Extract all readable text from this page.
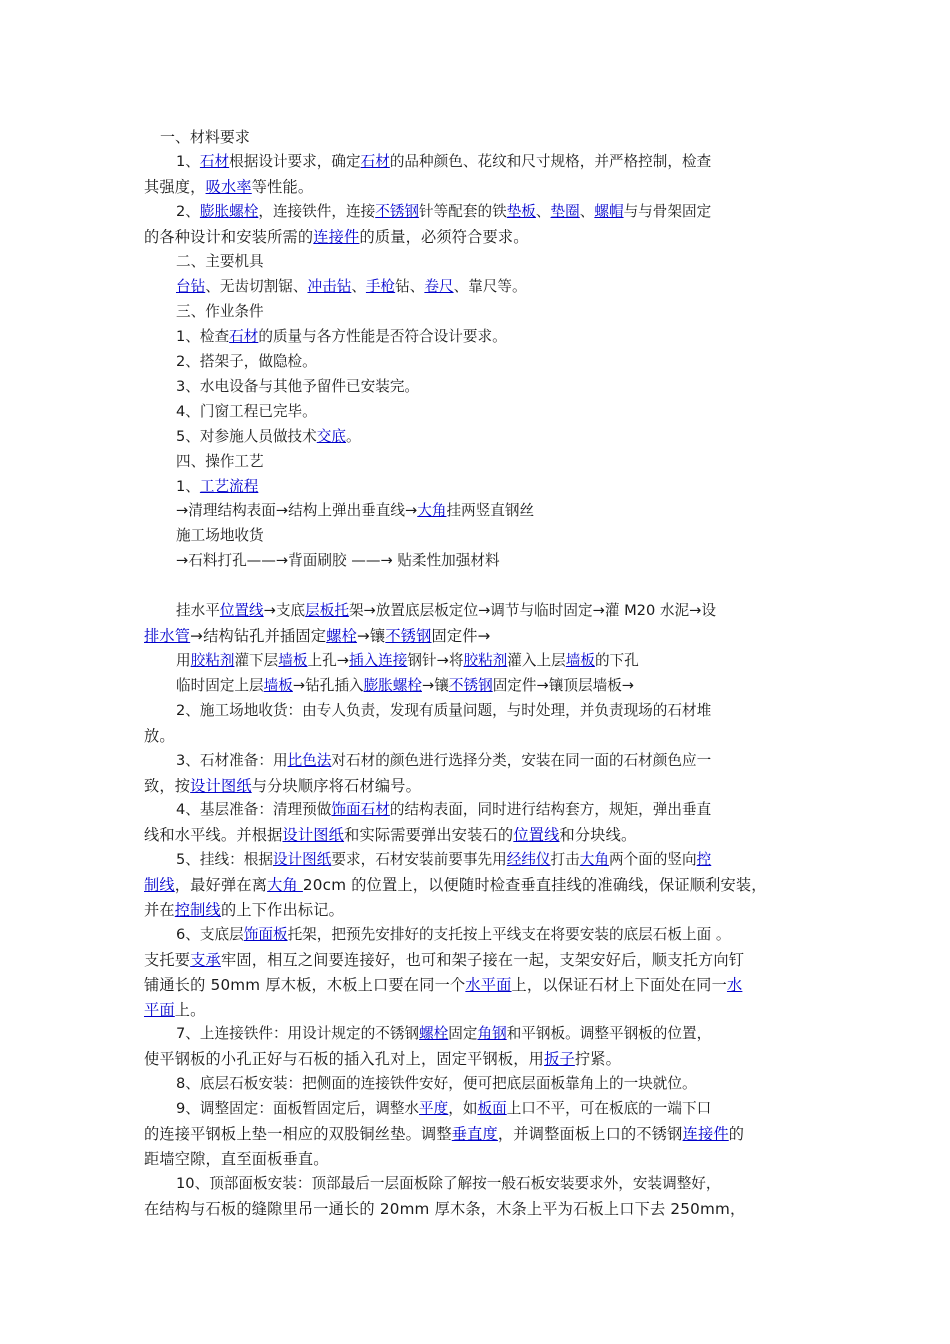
一、材料要求
1、石材根据设计要求，确定石材的品种颜色、花纹和尺寸规格，并严格控制，检查
其强度，吸水率等性能。
2、膨胀螺栓，连接铁件，连接不锈钢针等配套的铁垫板、垫圈、螺帽与与骨架固定
的各种设计和安装所需的连接件的质量，必须符合要求。
二、主要机具
台钻、无齿切割锯、冲击钻、手枪钻、卷尺、靠尺等。
三、作业条件
1、检查石材的质量与各方性能是否符合设计要求。
2、搭架子，做隐检。
3、水电设备与其他予留件已安装完。
4、门窗工程已完毕。
5、对参施人员做技术交底。
四、操作工艺
1、工艺流程
→清理结构表面→结构上弹出垂直线→大角挂两竖直钢丝
施工场地收货
→石料打孔——→背面刷胶 ——→ 贴柔性加强材料
挂水平位置线→支底层板托架→放置底层板定位→调节与临时固定→灌 M20 水泥→设
排水管→结构钻孔并插固定螺栓→镶不锈钢固定件→
用胶粘剂灌下层墙板上孔→插入连接钢针→将胶粘剂灌入上层墙板的下孔
临时固定上层墙板→钻孔插入膨胀螺栓→镶不锈钢固定件→镶顶层墙板→
2、施工场地收货：由专人负责，发现有质量问题，与时处理，并负责现场的石材堆
放。
3、石材准备：用比色法对石材的颜色进行选择分类，安装在同一面的石材颜色应一
致，按设计图纸与分块顺序将石材编号。
4、基层准备：清理预做饰面石材的结构表面，同时进行结构套方，规矩，弹出垂直
线和水平线。并根据设计图纸和实际需要弹出安装石的位置线和分块线。
5、挂线：根据设计图纸要求，石材安装前要事先用经纬仪打击大角两个面的竖向控
制线，最好弹在离大角 20cm 的位置上，以便随时检查垂直挂线的准确线，保证顺利安装，
并在控制线的上下作出标记。
6、支底层饰面板托架，把预先安排好的支托按上平线支在将要安装的底层石板上面 。
支托要支承牢固，相互之间要连接好，也可和架子接在一起，支架安好后，顺支托方向钉
铺通长的 50mm 厚木板，木板上口要在同一个水平面上，以保证石材上下面处在同一水
平面上。
7、上连接铁件：用设计规定的不锈钢螺栓固定角钢和平钢板。调整平钢板的位置，
使平钢板的小孔正好与石板的插入孔对上，固定平钢板，用扳子拧紧。
8、底层石板安装：把侧面的连接铁件安好，便可把底层面板靠角上的一块就位。
9、调整固定：面板暂固定后，调整水平度，如板面上口不平，可在板底的一端下口
的连接平钢板上垫一相应的双股铜丝垫。调整垂直度，并调整面板上口的不锈钢连接件的
距墙空隙，直至面板垂直。
10、顶部面板安装：顶部最后一层面板除了解按一般石板安装要求外，安装调整好，
在结构与石板的缝隙里吊一通长的 20mm 厚木条，木条上平为石板上口下去 250mm，
